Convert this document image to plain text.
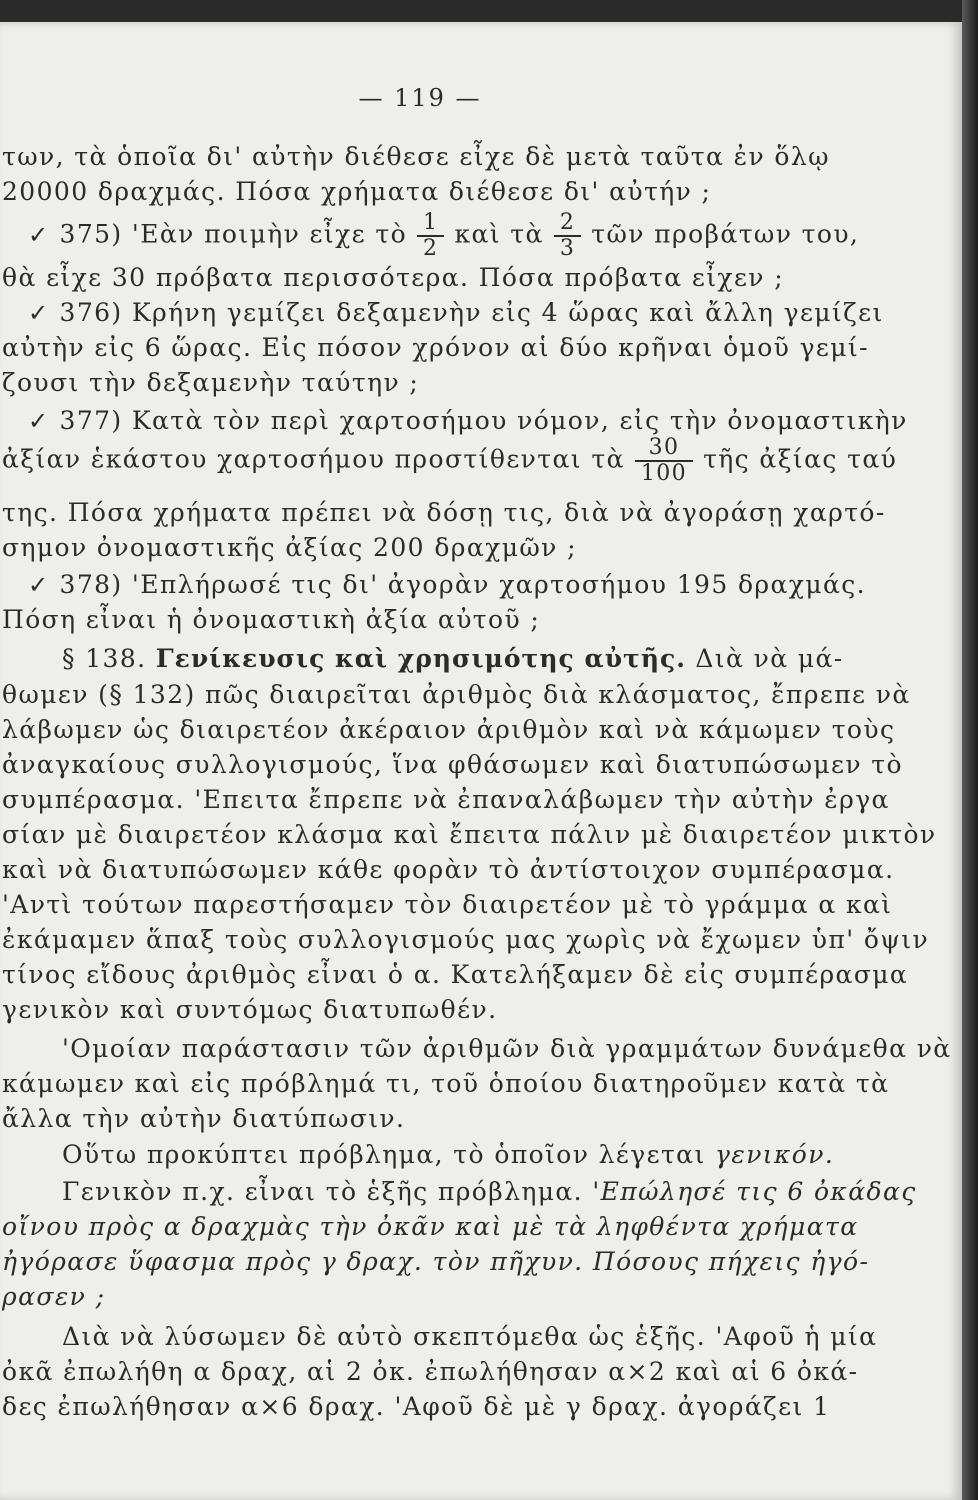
— 119 —
των, τὰ ὁποῖα δι' αὐτὴν διέθεσε εἶχε δὲ μετὰ ταῦτα ἐν ὅλῳ
20000 δραχμάς. Πόσα χρήματα διέθεσε δι' αὐτήν ;
✓ 375) 'Εὰν ποιμὴν εἶχε τὸ $\frac{1}{2}$ καὶ τὰ $\frac{2}{3}$ τῶν προβάτων του,
θὰ εἶχε 30 πρόβατα περισσότερα. Πόσα πρόβατα εἶχεν ;
✓ 376) Κρήνη γεμίζει δεξαμενὴν εἰς 4 ὥρας καὶ ἄλλη γεμίζει
αὐτὴν εἰς 6 ὥρας. Εἰς πόσον χρόνον αἱ δύο κρῆναι ὁμοῦ γεμί-
ζουσι τὴν δεξαμενὴν ταύτην ;
✓ 377) Κατὰ τὸν περὶ χαρτοσήμου νόμον, εἰς τὴν ὀνομαστικὴν
ἀξίαν ἑκάστου χαρτοσήμου προστίθενται τὰ $\frac{30}{100}$ τῆς ἀξίας ταύ
της. Πόσα χρήματα πρέπει νὰ δόσῃ τις, διὰ νὰ ἀγοράσῃ χαρτό-
σημον ὀνομαστικῆς ἀξίας 200 δραχμῶν ;
✓ 378) 'Επλήρωσέ τις δι' ἀγορὰν χαρτοσήμου 195 δραχμάς.
Πόση εἶναι ἡ ὀνομαστικὴ ἀξία αὐτοῦ ;
§ 138. Γενίκευσις καὶ χρησιμότης αὐτῆς. Διὰ νὰ μά-
θωμεν (§ 132) πῶς διαιρεῖται ἀριθμὸς διὰ κλάσματος, ἔπρεπε νὰ
λάβωμεν ὡς διαιρετέον ἀκέραιον ἀριθμὸν καὶ νὰ κάμωμεν τοὺς
ἀναγκαίους συλλογισμούς, ἵνα φθάσωμεν καὶ διατυπώσωμεν τὸ
συμπέρασμα. 'Επειτα ἔπρεπε νὰ ἐπαναλάβωμεν τὴν αὐτὴν ἐργα
σίαν μὲ διαιρετέον κλάσμα καὶ ἔπειτα πάλιν μὲ διαιρετέον μικτὸν
καὶ νὰ διατυπώσωμεν κάθε φορὰν τὸ ἀντίστοιχον συμπέρασμα.
'Αντὶ τούτων παρεστήσαμεν τὸν διαιρετέον μὲ τὸ γράμμα α καὶ
ἐκάμαμεν ἅπαξ τοὺς συλλογισμούς μας χωρὶς νὰ ἔχωμεν ὑπ' ὄψιν
τίνος εἴδους ἀριθμὸς εἶναι ὁ α. Κατελήξαμεν δὲ εἰς συμπέρασμα
γενικὸν καὶ συντόμως διατυπωθέν.
'Ομοίαν παράστασιν τῶν ἀριθμῶν διὰ γραμμάτων δυνάμεθα νὰ
κάμωμεν καὶ εἰς πρόβλημά τι, τοῦ ὁποίου διατηροῦμεν κατὰ τὰ
ἄλλα τὴν αὐτὴν διατύπωσιν.
Οὕτω προκύπτει πρόβλημα, τὸ ὁποῖον λέγεται γενικόν.
Γενικὸν π.χ. εἶναι τὸ ἑξῆς πρόβλημα. 'Επώλησέ τις 6 ὀκάδας
οἴνου πρὸς α δραχμὰς τὴν ὀκᾶν καὶ μὲ τὰ ληφθέντα χρήματα
ἠγόρασε ὕφασμα πρὸς γ δραχ. τὸν πῆχυν. Πόσους πήχεις ἠγό-
ρασεν ;
Διὰ νὰ λύσωμεν δὲ αὐτὸ σκεπτόμεθα ὡς ἑξῆς. 'Αφοῦ ἡ μία
ὀκᾶ ἐπωλήθη α δραχ, αἱ 2 ὀκ. ἐπωλήθησαν α×2 καὶ αἱ 6 ὀκά-
δες ἐπωλήθησαν α×6 δραχ. 'Αφοῦ δὲ μὲ γ δραχ. ἀγοράζει 1
